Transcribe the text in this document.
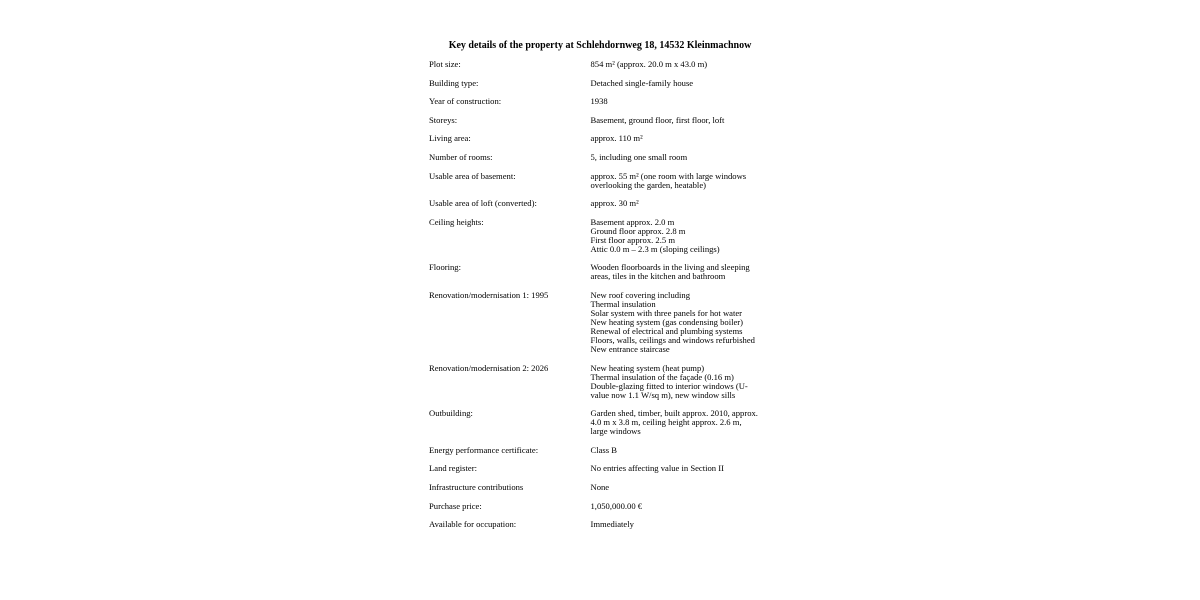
Key details of the property at Schlehdornweg 18, 14532 Kleinmachnow
Plot size:	854 m² (approx. 20.0 m x 43.0 m)
Building type:	Detached single-family house
Year of construction:	1938
Storeys:	Basement, ground floor, first floor, loft
Living area:	approx. 110 m²
Number of rooms:	5, including one small room
Usable area of basement:	approx. 55 m² (one room with large windows overlooking the garden, heatable)
Usable area of loft (converted):	approx. 30 m²
Ceiling heights:	Basement approx. 2.0 m
Ground floor approx. 2.8 m
First floor approx. 2.5 m
Attic 0.0 m – 2.3 m (sloping ceilings)
Flooring:	Wooden floorboards in the living and sleeping areas, tiles in the kitchen and bathroom
Renovation/modernisation 1: 1995	New roof covering including
Thermal insulation
Solar system with three panels for hot water
New heating system (gas condensing boiler)
Renewal of electrical and plumbing systems
Floors, walls, ceilings and windows refurbished
New entrance staircase
Renovation/modernisation 2: 2026	New heating system (heat pump)
Thermal insulation of the façade (0.16 m)
Double-glazing fitted to interior windows (U-value now 1.1 W/sq m), new window sills
Outbuilding:	Garden shed, timber, built approx. 2010, approx. 4.0 m x 3.8 m, ceiling height approx. 2.6 m, large windows
Energy performance certificate:	Class B
Land register:	No entries affecting value in Section II
Infrastructure contributions	None
Purchase price:	1,050,000.00 €
Available for occupation:	Immediately
